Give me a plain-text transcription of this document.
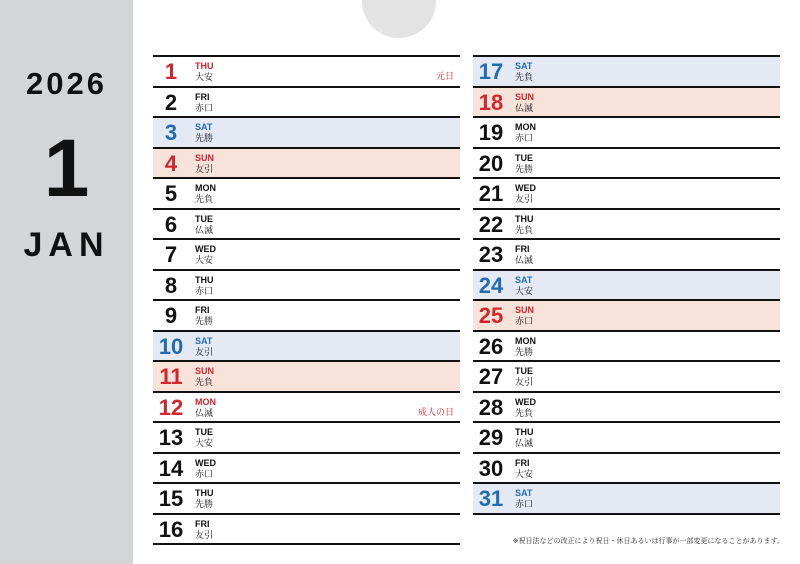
2026
1
JAN
1	THU
大安	元日
2	FRI
赤口
3	SAT
先勝
4	SUN
友引
5	MON
先負
6	TUE
仏滅
7	WED
大安
8	THU
赤口
9	FRI
先勝
10	SAT
友引
11	SUN
先負
12	MON
仏滅	成人の日
13	TUE
大安
14	WED
赤口
15	THU
先勝
16	FRI
友引
17	SAT
先負
18	SUN
仏滅
19	MON
赤口
20	TUE
先勝
21	WED
友引
22	THU
先負
23	FRI
仏滅
24	SAT
大安
25	SUN
赤口
26	MON
先勝
27	TUE
友引
28	WED
先負
29	THU
仏滅
30	FRI
大安
31	SAT
赤口
※祝日法などの改正により祝日・休日あるいは行事が一部変更になることがあります。
